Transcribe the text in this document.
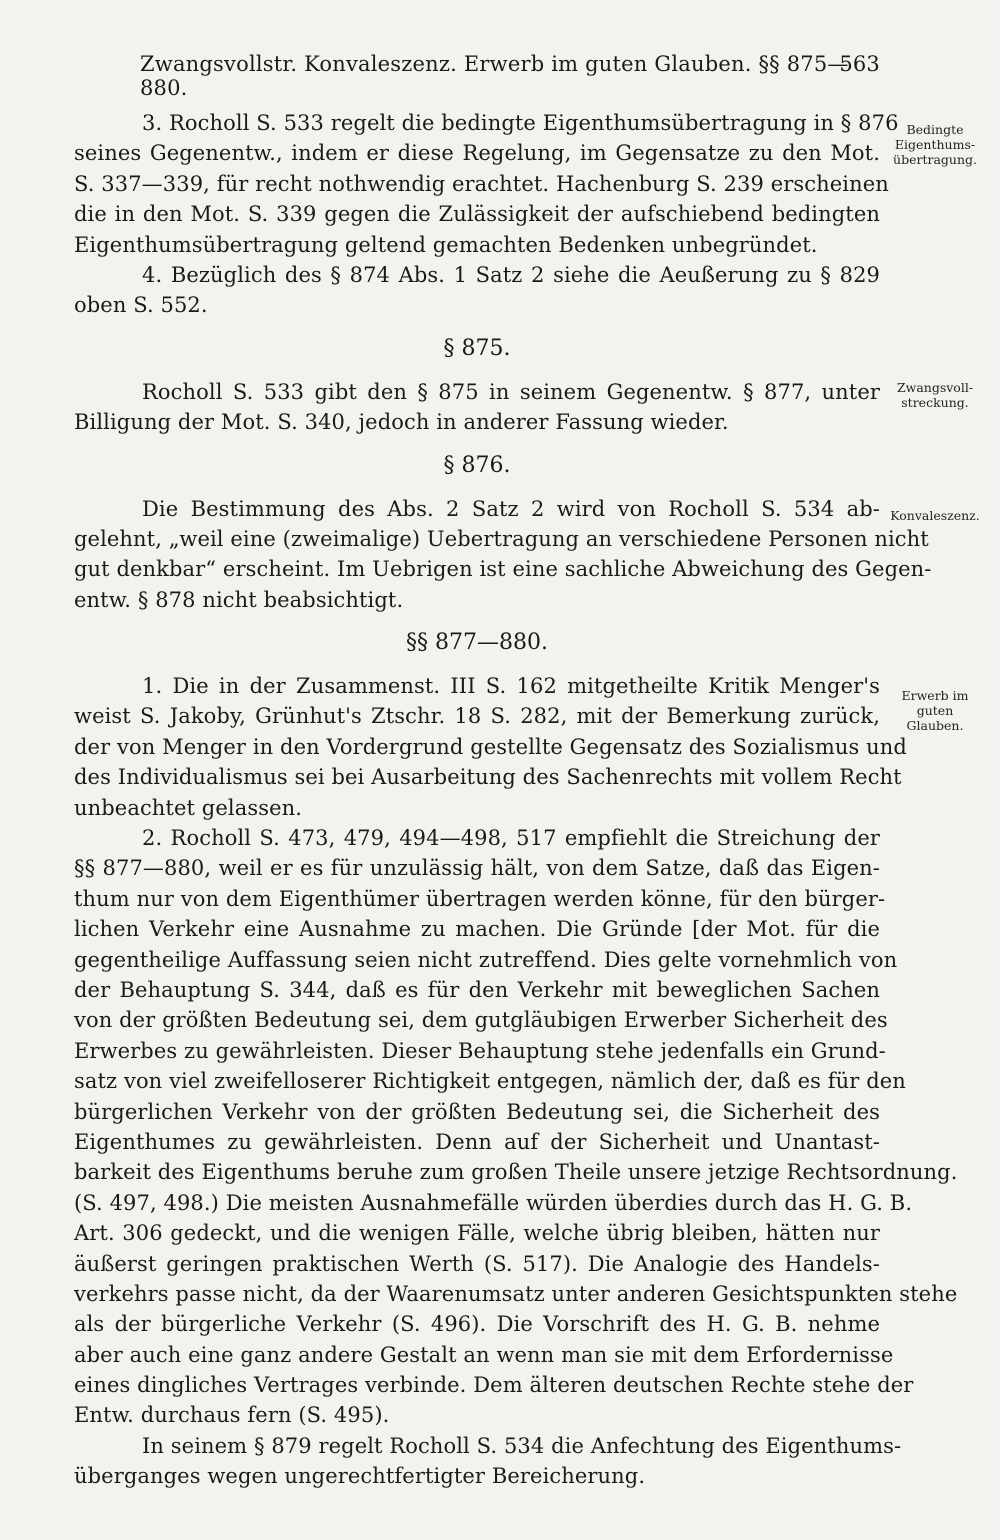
Zwangsvollstr. Konvaleszenz. Erwerb im guten Glauben. §§ 875—880.
563
3. Rocholl S. 533 regelt die bedingte Eigenthumsübertragung in § 876
seines Gegenentw., indem er diese Regelung, im Gegensatze zu den Mot.
S. 337—339, für recht nothwendig erachtet. Hachenburg S. 239 erscheinen
die in den Mot. S. 339 gegen die Zulässigkeit der aufschiebend bedingten
Eigenthumsübertragung geltend gemachten Bedenken unbegründet.
4. Bezüglich des § 874 Abs. 1 Satz 2 siehe die Aeußerung zu § 829
oben S. 552.
§ 875.
Rocholl S. 533 gibt den § 875 in seinem Gegenentw. § 877, unter
Billigung der Mot. S. 340, jedoch in anderer Fassung wieder.
§ 876.
Die Bestimmung des Abs. 2 Satz 2 wird von Rocholl S. 534 ab-
gelehnt, „weil eine (zweimalige) Uebertragung an verschiedene Personen nicht
gut denkbar“ erscheint. Im Uebrigen ist eine sachliche Abweichung des Gegen-
entw. § 878 nicht beabsichtigt.
§§ 877—880.
1. Die in der Zusammenst. III S. 162 mitgetheilte Kritik Menger's
weist S. Jakoby, Grünhut's Ztschr. 18 S. 282, mit der Bemerkung zurück,
der von Menger in den Vordergrund gestellte Gegensatz des Sozialismus und
des Individualismus sei bei Ausarbeitung des Sachenrechts mit vollem Recht
unbeachtet gelassen.
2. Rocholl S. 473, 479, 494—498, 517 empfiehlt die Streichung der
§§ 877—880, weil er es für unzulässig hält, von dem Satze, daß das Eigen-
thum nur von dem Eigenthümer übertragen werden könne, für den bürger-
lichen Verkehr eine Ausnahme zu machen. Die Gründe [der Mot. für die
gegentheilige Auffassung seien nicht zutreffend. Dies gelte vornehmlich von
der Behauptung S. 344, daß es für den Verkehr mit beweglichen Sachen
von der größten Bedeutung sei, dem gutgläubigen Erwerber Sicherheit des
Erwerbes zu gewährleisten. Dieser Behauptung stehe jedenfalls ein Grund-
satz von viel zweifelloserer Richtigkeit entgegen, nämlich der, daß es für den
bürgerlichen Verkehr von der größten Bedeutung sei, die Sicherheit des
Eigenthumes zu gewährleisten. Denn auf der Sicherheit und Unantast-
barkeit des Eigenthums beruhe zum großen Theile unsere jetzige Rechtsordnung.
(S. 497, 498.) Die meisten Ausnahmefälle würden überdies durch das H. G. B.
Art. 306 gedeckt, und die wenigen Fälle, welche übrig bleiben, hätten nur
äußerst geringen praktischen Werth (S. 517). Die Analogie des Handels-
verkehrs passe nicht, da der Waarenumsatz unter anderen Gesichtspunkten stehe
als der bürgerliche Verkehr (S. 496). Die Vorschrift des H. G. B. nehme
aber auch eine ganz andere Gestalt an wenn man sie mit dem Erfordernisse
eines dingliches Vertrages verbinde. Dem älteren deutschen Rechte stehe der
Entw. durchaus fern (S. 495).
In seinem § 879 regelt Rocholl S. 534 die Anfechtung des Eigenthums-
überganges wegen ungerechtfertigter Bereicherung.
Bedingte
Eigenthums-
übertragung.
Zwangsvoll-
streckung.
Konvaleszenz.
Erwerb im
guten
Glauben.
